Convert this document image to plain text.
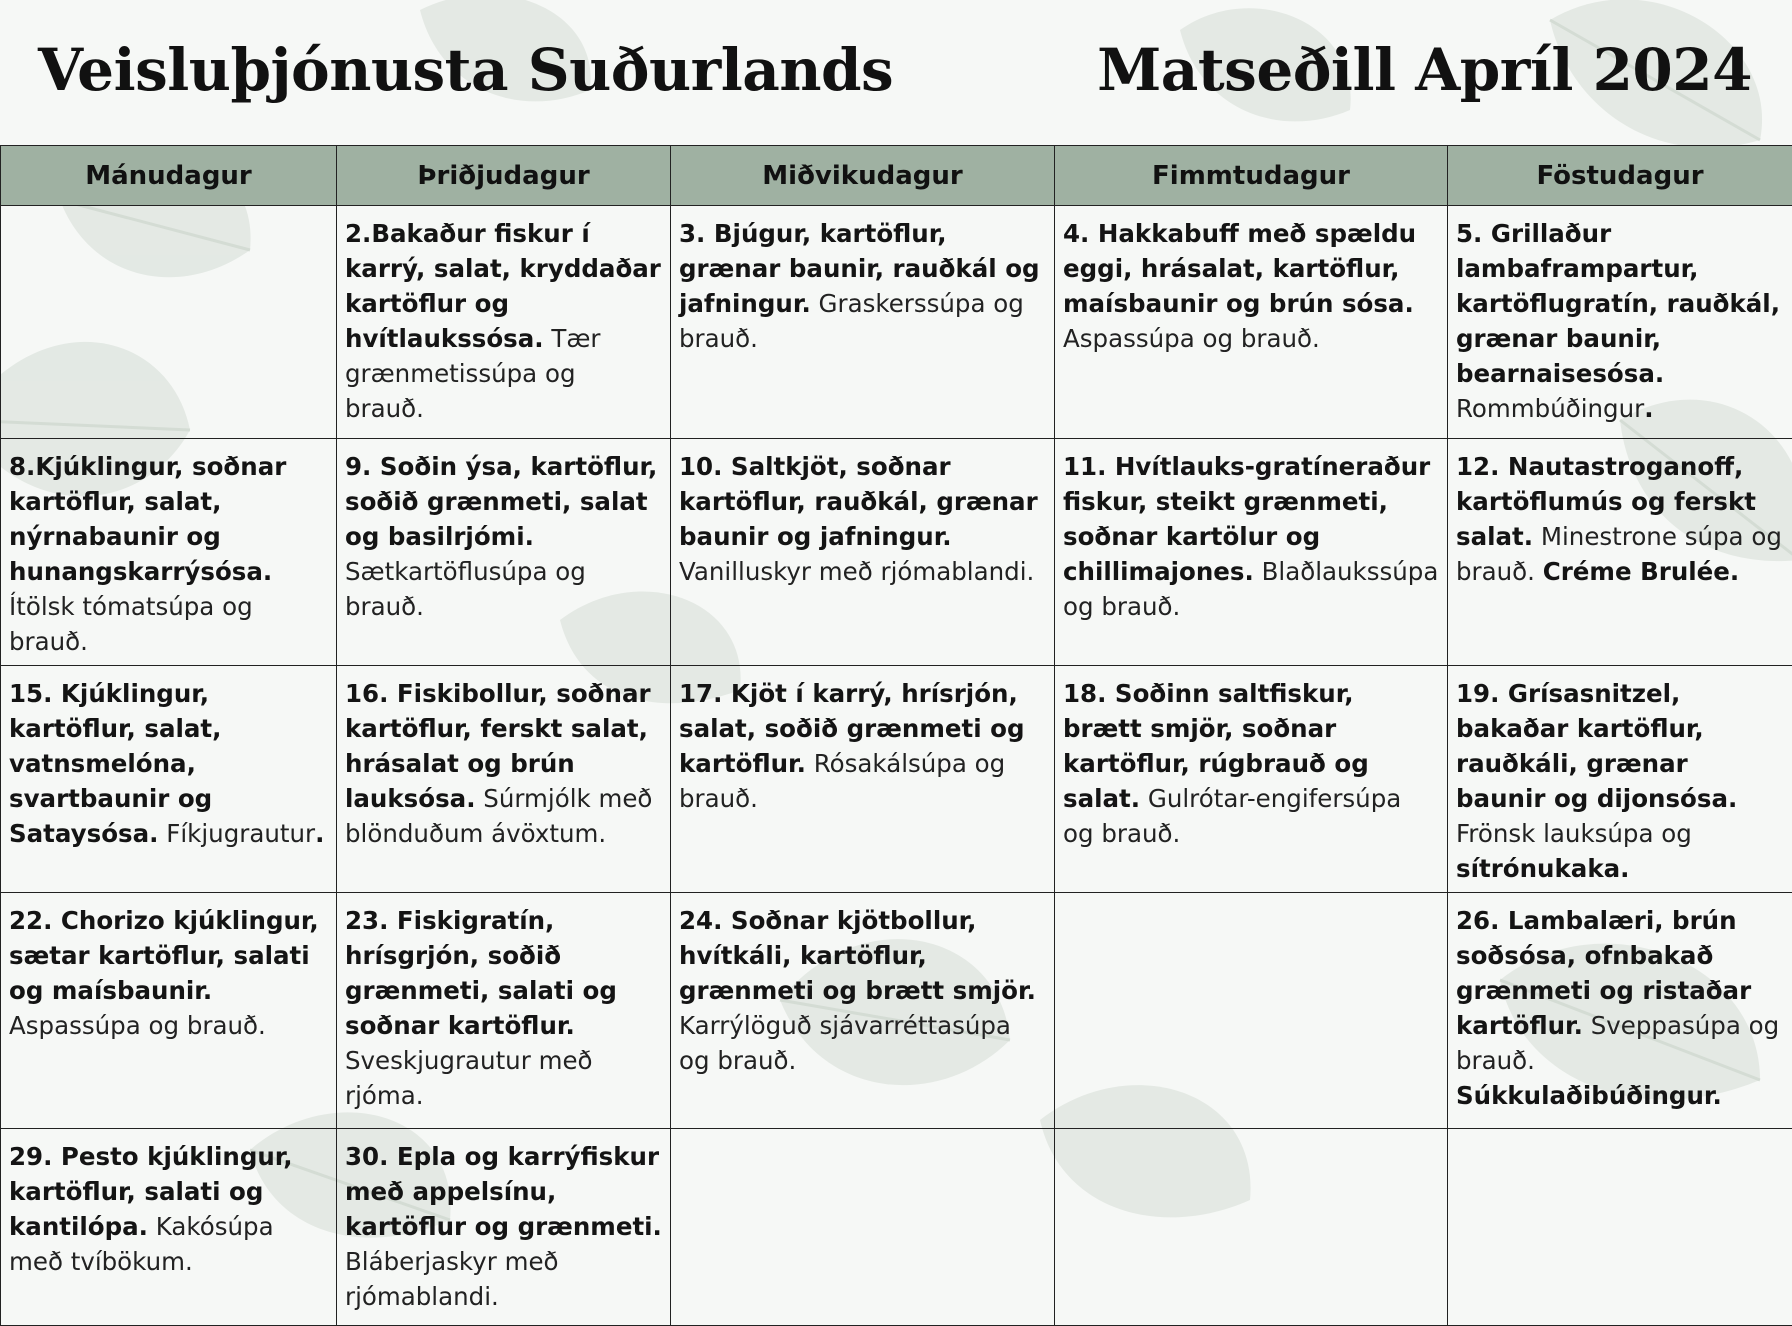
Veisluþjónusta Suðurlands	Matseðill Apríl 2024
Mánudagur	Þriðjudagur	Miðvikudagur	Fimmtudagur	Föstudagur
	2.Bakaður fiskur í karrý, salat, kryddaðar kartöflur og hvítlaukssósa. Tær grænmetissúpa og brauð.	3. Bjúgur, kartöflur, grænar baunir, rauðkál og jafningur. Graskerssúpa og brauð.	4. Hakkabuff með spældu eggi, hrásalat, kartöflur, maísbaunir og brún sósa. Aspassúpa og brauð.	5. Grillaður lambaframpartur, kartöflugratín, rauðkál, grænar baunir, bearnaisesósa. Rommbúðingur.
8.Kjúklingur, soðnar kartöflur, salat, nýrnabaunir og hunangskarrýsósa. Ítölsk tómatsúpa og brauð.	9. Soðin ýsa, kartöflur, soðið grænmeti, salat og basilrjómi. Sætkartöflusúpa og brauð.	10. Saltkjöt, soðnar kartöflur, rauðkál, grænar baunir og jafningur. Vanilluskyr með rjómablandi.	11. Hvítlauks-gratíneraður fiskur, steikt grænmeti, soðnar kartölur og chillimajones. Blaðlaukssúpa og brauð.	12. Nautastroganoff, kartöflumús og ferskt salat. Minestrone súpa og brauð. Créme Brulée.
15. Kjúklingur, kartöflur, salat, vatnsmelóna, svartbaunir og Sataysósa. Fíkjugrautur.	16. Fiskibollur, soðnar kartöflur, ferskt salat, hrásalat og brún lauksósa. Súrmjólk með blönduðum ávöxtum.	17. Kjöt í karrý, hrísrjón, salat, soðið grænmeti og kartöflur. Rósakálsúpa og brauð.	18. Soðinn saltfiskur, brætt smjör, soðnar kartöflur, rúgbrauð og salat. Gulrótar-engifersúpa og brauð.	19. Grísasnitzel, bakaðar kartöflur, rauðkáli, grænar baunir og dijonsósa. Frönsk lauksúpa og sítrónukaka.
22. Chorizo kjúklingur, sætar kartöflur, salati og maísbaunir. Aspassúpa og brauð.	23. Fiskigratín, hrísgrjón, soðið grænmeti, salati og soðnar kartöflur. Sveskjugrautur með rjóma.	24. Soðnar kjötbollur, hvítkáli, kartöflur, grænmeti og brætt smjör. Karrýlöguð sjávarréttasúpa og brauð.		26. Lambalæri, brún soðsósa, ofnbakað grænmeti og ristaðar kartöflur. Sveppasúpa og brauð. Súkkulaðibúðingur.
29. Pesto kjúklingur, kartöflur, salati og kantilópa. Kakósúpa með tvíbökum.	30. Epla og karrýfiskur með appelsínu, kartöflur og grænmeti. Bláberjaskyr með rjómablandi.			
